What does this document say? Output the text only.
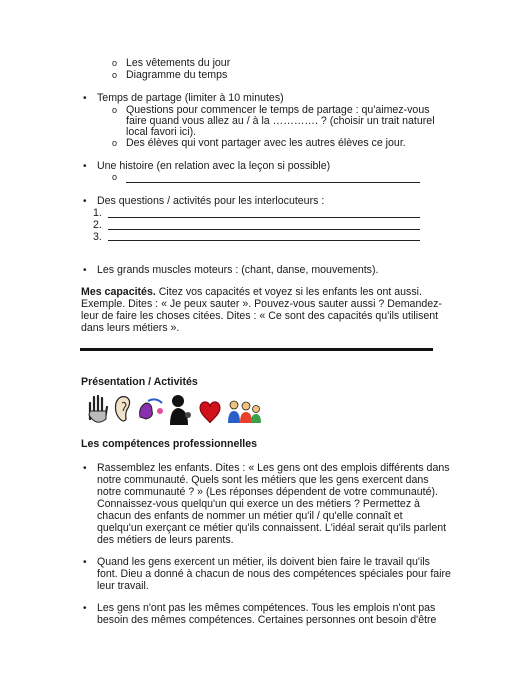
o Les vêtements du jour
o Diagramme du temps
• Temps de partage (limiter à 10 minutes)
o Questions pour commencer le temps de partage : qu'aimez-vous
faire quand vous allez au / à la …………. ? (choisir un trait naturel
local favori ici).
o Des élèves qui vont partager avec les autres élèves ce jour.
• Une histoire (en relation avec la leçon si possible)
o
• Des questions / activités pour les interlocuteurs :
1.
2.
3.
• Les grands muscles moteurs : (chant, danse, mouvements).
Mes capacités. Citez vos capacités et voyez si les enfants les ont aussi.
Exemple. Dites : « Je peux sauter ». Pouvez-vous sauter aussi ? Demandez-
leur de faire les choses citées. Dites : « Ce sont des capacités qu'ils utilisent
dans leurs métiers ».
Présentation / Activités
Les compétences professionnelles
• Rassemblez les enfants. Dites : « Les gens ont des emplois différents dans
notre communauté. Quels sont les métiers que les gens exercent dans
notre communauté ? » (Les réponses dépendent de votre communauté).
Connaissez-vous quelqu'un qui exerce un des métiers ? Permettez à
chacun des enfants de nommer un métier qu'il / qu'elle connaît et
quelqu'un exerçant ce métier qu'ils connaissent. L'idéal serait qu'ils parlent
des métiers de leurs parents.
• Quand les gens exercent un métier, ils doivent bien faire le travail qu'ils
font. Dieu a donné à chacun de nous des compétences spéciales pour faire
leur travail.
• Les gens n'ont pas les mêmes compétences. Tous les emplois n'ont pas
besoin des mêmes compétences. Certaines personnes ont besoin d'être
